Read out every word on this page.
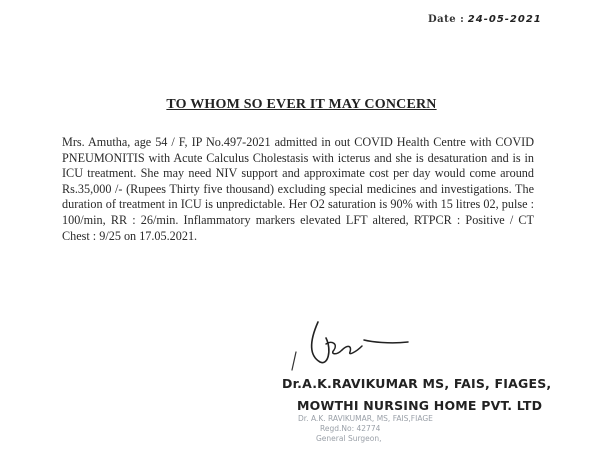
Date : 24-05-2021
TO WHOM SO EVER IT MAY CONCERN
Mrs. Amutha, age 54 / F, IP No.497-2021 admitted in out COVID Health Centre with COVID PNEUMONITIS with Acute Calculus Cholestasis with icterus and she is desaturation and is in ICU treatment. She may need NIV support and approximate cost per day would come around Rs.35,000 /- (Rupees Thirty five thousand) excluding special medicines and investigations. The duration of treatment in ICU is unpredictable. Her O2 saturation is 90% with 15 litres 02, pulse : 100/min, RR : 26/min. Inflammatory markers elevated LFT altered, RTPCR : Positive / CT Chest : 9/25 on 17.05.2021.
Dr.A.K.RAVIKUMAR MS, FAIS, FIAGES,
MOWTHI NURSING HOME PVT. LTD
Dr. A.K. RAVIKUMAR, MS, FAIS,FIAGE
Regd.No: 42774
General Surgeon,
